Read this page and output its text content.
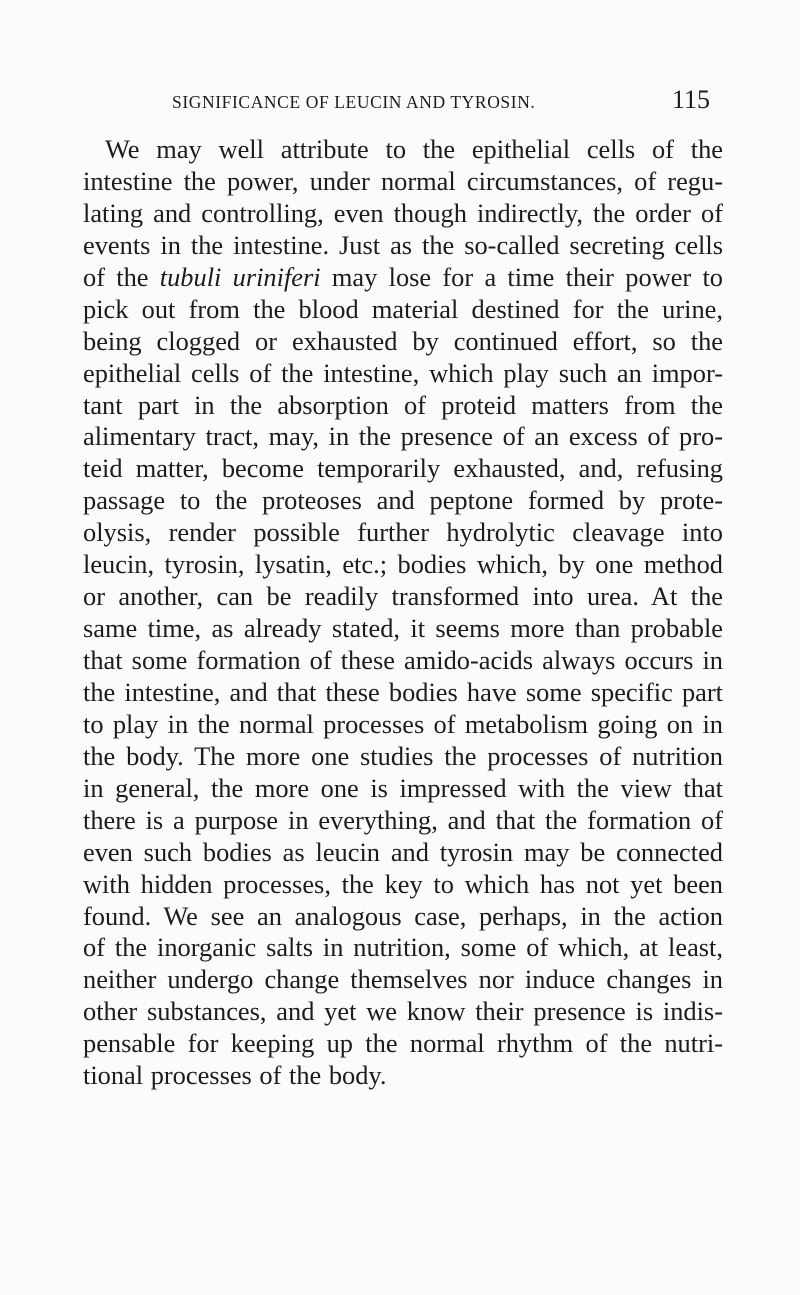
SIGNIFICANCE OF LEUCIN AND TYROSIN.	115
We may well attribute to the epithelial cells of the
intestine the power, under normal circumstances, of regu-
lating and controlling, even though indirectly, the order of
events in the intestine. Just as the so-called secreting cells
of the tubuli uriniferi may lose for a time their power to
pick out from the blood material destined for the urine,
being clogged or exhausted by continued effort, so the
epithelial cells of the intestine, which play such an impor-
tant part in the absorption of proteid matters from the
alimentary tract, may, in the presence of an excess of pro-
teid matter, become temporarily exhausted, and, refusing
passage to the proteoses and peptone formed by prote-
olysis, render possible further hydrolytic cleavage into
leucin, tyrosin, lysatin, etc.; bodies which, by one method
or another, can be readily transformed into urea. At the
same time, as already stated, it seems more than probable
that some formation of these amido-acids always occurs in
the intestine, and that these bodies have some specific part
to play in the normal processes of metabolism going on in
the body. The more one studies the processes of nutrition
in general, the more one is impressed with the view that
there is a purpose in everything, and that the formation of
even such bodies as leucin and tyrosin may be connected
with hidden processes, the key to which has not yet been
found. We see an analogous case, perhaps, in the action
of the inorganic salts in nutrition, some of which, at least,
neither undergo change themselves nor induce changes in
other substances, and yet we know their presence is indis-
pensable for keeping up the normal rhythm of the nutri-
tional processes of the body.
